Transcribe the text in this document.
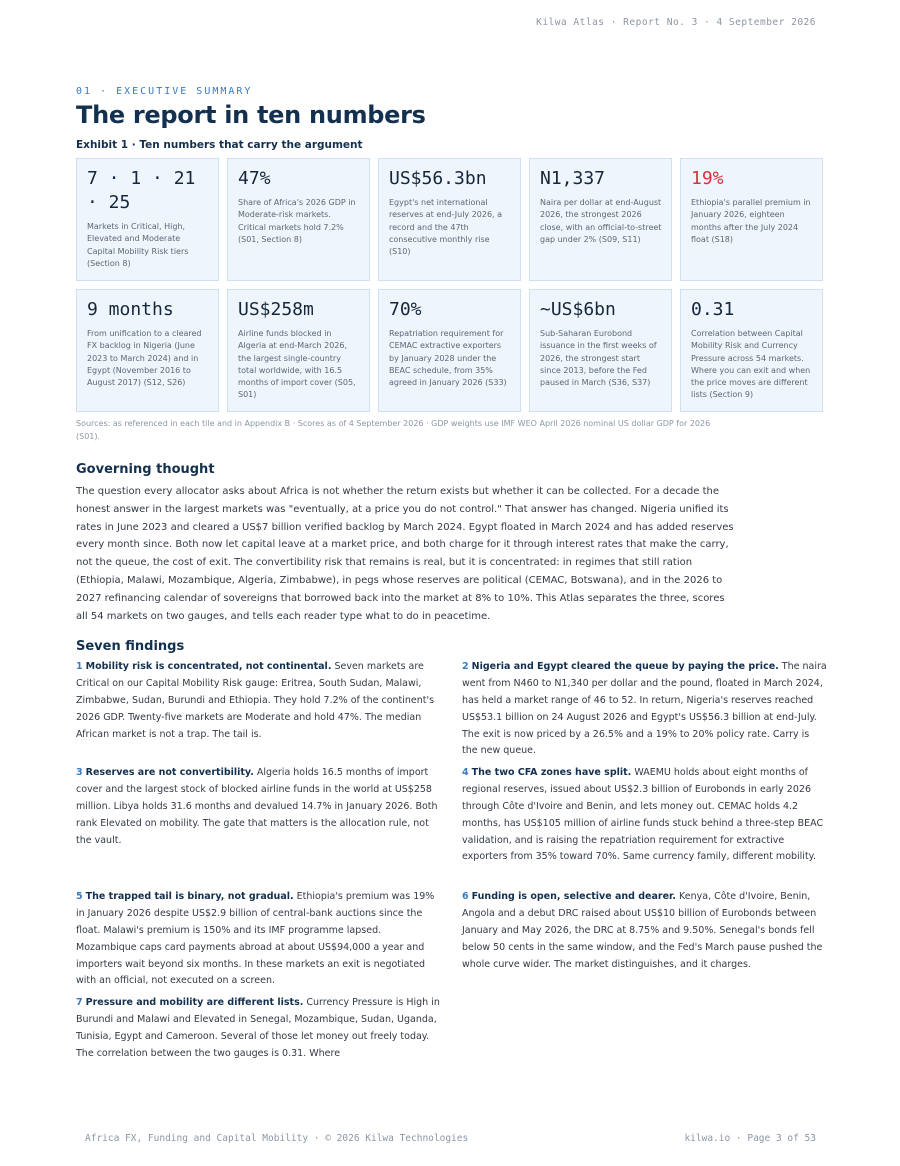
Kilwa Atlas · Report No. 3 · 4 September 2026
01 · EXECUTIVE SUMMARY
The report in ten numbers
Exhibit 1 · Ten numbers that carry the argument
7 · 1 · 21 · 25
Markets in Critical, High, Elevated and Moderate Capital Mobility Risk tiers (Section 8)
47%
Share of Africa's 2026 GDP in Moderate-risk markets. Critical markets hold 7.2% (S01, Section 8)
US$56.3bn
Egypt's net international reserves at end-July 2026, a record and the 47th consecutive monthly rise (S10)
N1,337
Naira per dollar at end-August 2026, the strongest 2026 close, with an official-to-street gap under 2% (S09, S11)
19%
Ethiopia's parallel premium in January 2026, eighteen months after the July 2024 float (S18)
9 months
From unification to a cleared FX backlog in Nigeria (June 2023 to March 2024) and in Egypt (November 2016 to August 2017) (S12, S26)
US$258m
Airline funds blocked in Algeria at end-March 2026, the largest single-country total worldwide, with 16.5 months of import cover (S05, S01)
70%
Repatriation requirement for CEMAC extractive exporters by January 2028 under the BEAC schedule, from 35% agreed in January 2026 (S33)
~US$6bn
Sub-Saharan Eurobond issuance in the first weeks of 2026, the strongest start since 2013, before the Fed paused in March (S36, S37)
0.31
Correlation between Capital Mobility Risk and Currency Pressure across 54 markets. Where you can exit and when the price moves are different lists (Section 9)
Sources: as referenced in each tile and in Appendix B · Scores as of 4 September 2026 · GDP weights use IMF WEO April 2026 nominal US dollar GDP for 2026 (S01).
Governing thought

The question every allocator asks about Africa is not whether the return exists but whether it can be collected. For a decade the honest answer in the largest markets was "eventually, at a price you do not control." That answer has changed. Nigeria unified its rates in June 2023 and cleared a US$7 billion verified backlog by March 2024. Egypt floated in March 2024 and has added reserves every month since. Both now let capital leave at a market price, and both charge for it through interest rates that make the carry, not the queue, the cost of exit. The convertibility risk that remains is real, but it is concentrated: in regimes that still ration (Ethiopia, Malawi, Mozambique, Algeria, Zimbabwe), in pegs whose reserves are political (CEMAC, Botswana), and in the 2026 to 2027 refinancing calendar of sovereigns that borrowed back into the market at 8% to 10%. This Atlas separates the three, scores all 54 markets on two gauges, and tells each reader type what to do in peacetime.

Seven findings
1 Mobility risk is concentrated, not continental. Seven markets are Critical on our Capital Mobility Risk gauge: Eritrea, South Sudan, Malawi, Zimbabwe, Sudan, Burundi and Ethiopia. They hold 7.2% of the continent's 2026 GDP. Twenty-five markets are Moderate and hold 47%. The median African market is not a trap. The tail is.
2 Nigeria and Egypt cleared the queue by paying the price. The naira went from N460 to N1,340 per dollar and the pound, floated in March 2024, has held a market range of 46 to 52. In return, Nigeria's reserves reached US$53.1 billion on 24 August 2026 and Egypt's US$56.3 billion at end-July. The exit is now priced by a 26.5% and a 19% to 20% policy rate. Carry is the new queue.
3 Reserves are not convertibility. Algeria holds 16.5 months of import cover and the largest stock of blocked airline funds in the world at US$258 million. Libya holds 31.6 months and devalued 14.7% in January 2026. Both rank Elevated on mobility. The gate that matters is the allocation rule, not the vault.
4 The two CFA zones have split. WAEMU holds about eight months of regional reserves, issued about US$2.3 billion of Eurobonds in early 2026 through Côte d'Ivoire and Benin, and lets money out. CEMAC holds 4.2 months, has US$105 million of airline funds stuck behind a three-step BEAC validation, and is raising the repatriation requirement for extractive exporters from 35% toward 70%. Same currency family, different mobility.
5 The trapped tail is binary, not gradual. Ethiopia's premium was 19% in January 2026 despite US$2.9 billion of central-bank auctions since the float. Malawi's premium is 150% and its IMF programme lapsed. Mozambique caps card payments abroad at about US$94,000 a year and importers wait beyond six months. In these markets an exit is negotiated with an official, not executed on a screen.
6 Funding is open, selective and dearer. Kenya, Côte d'Ivoire, Benin, Angola and a debut DRC raised about US$10 billion of Eurobonds between January and May 2026, the DRC at 8.75% and 9.50%. Senegal's bonds fell below 50 cents in the same window, and the Fed's March pause pushed the whole curve wider. The market distinguishes, and it charges.
7 Pressure and mobility are different lists. Currency Pressure is High in Burundi and Malawi and Elevated in Senegal, Mozambique, Sudan, Uganda, Tunisia, Egypt and Cameroon. Several of those let money out freely today. The correlation between the two gauges is 0.31. Where
Africa FX, Funding and Capital Mobility · © 2026 Kilwa Technologies	kilwa.io · Page 3 of 53
